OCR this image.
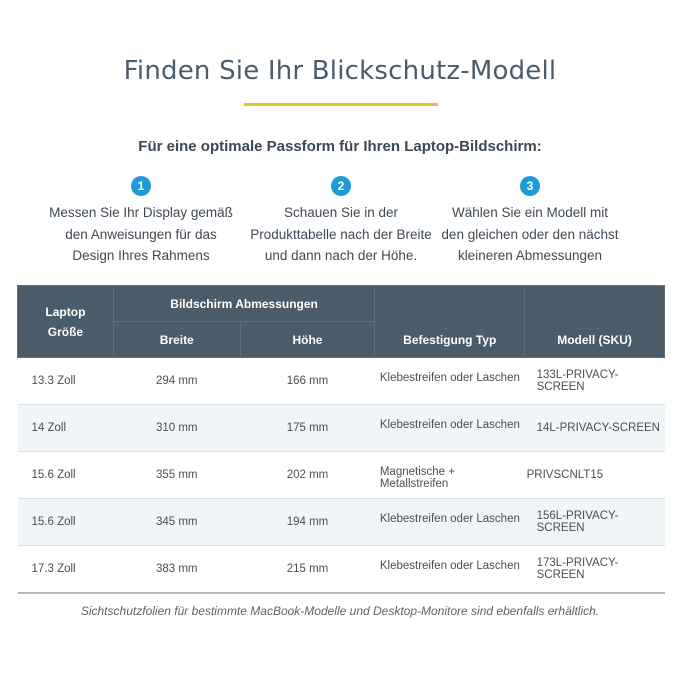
Finden Sie Ihr Blickschutz-Modell
Für eine optimale Passform für Ihren Laptop-Bildschirm:
1
Messen Sie Ihr Display gemäß
den Anweisungen für das
Design Ihres Rahmens
2
Schauen Sie in der
Produkttabelle nach der Breite
und dann nach der Höhe.
3
Wählen Sie ein Modell mit
den gleichen oder den nächst
kleineren Abmessungen
Laptop
Größe	Bildschirm Abmessungen		Befestigung Typ	Modell (SKU)
	Breite	Höhe		
13.3 Zoll	294 mm	166 mm	Klebestreifen oder Laschen	133L-PRIVACY-SCREEN
14 Zoll	310 mm	175 mm	Klebestreifen oder Laschen	14L-PRIVACY-SCREEN
15.6 Zoll	355 mm	202 mm	Magnetische + Metallstreifen	PRIVSCNLT15
15.6 Zoll	345 mm	194 mm	Klebestreifen oder Laschen	156L-PRIVACY-SCREEN
17.3 Zoll	383 mm	215 mm	Klebestreifen oder Laschen	173L-PRIVACY-SCREEN
Sichtschutzfolien für bestimmte MacBook-Modelle und Desktop-Monitore sind ebenfalls erhältlich.
